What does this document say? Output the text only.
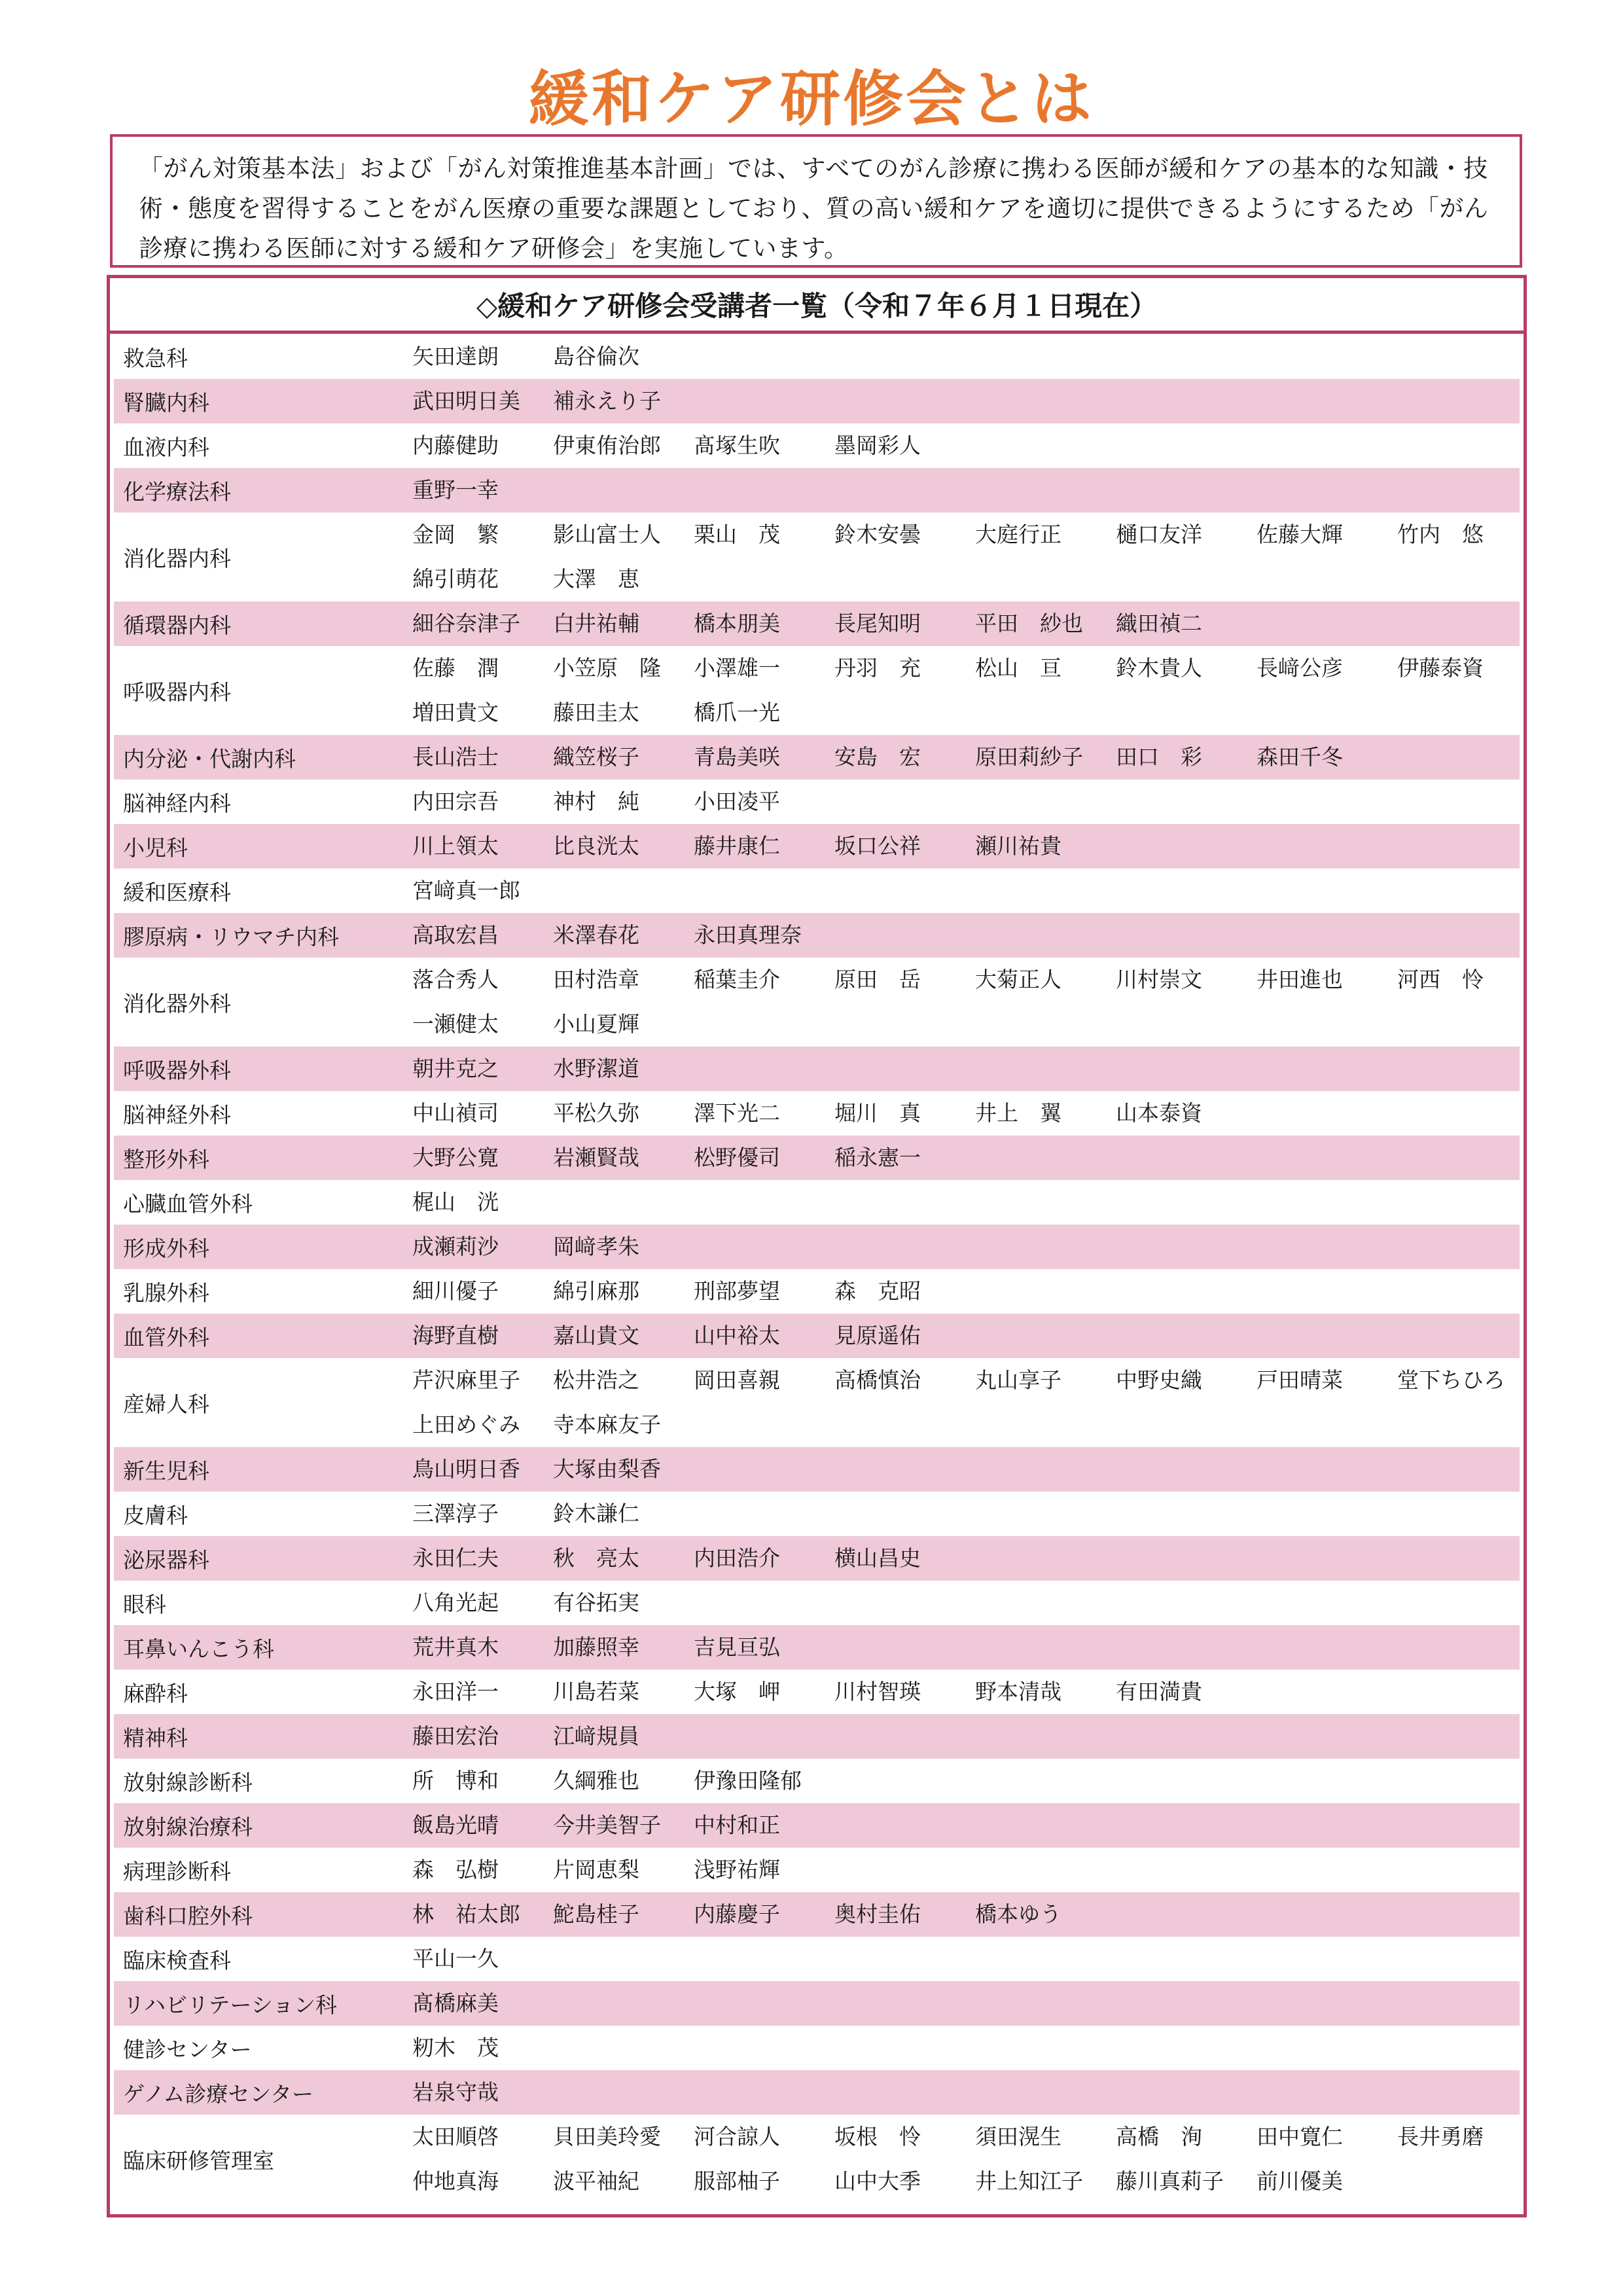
緩和ケア研修会とは
「がん対策基本法」および「がん対策推進基本計画」では、すべてのがん診療に携わる医師が緩和ケアの基本的な知識・技術・態度を習得することをがん医療の重要な課題としており、質の高い緩和ケアを適切に提供できるようにするため「がん診療に携わる医師に対する緩和ケア研修会」を実施しています。
◇緩和ケア研修会受講者一覧（令和７年６月１日現在）
救急科	矢田達朗	島谷倫次
腎臓内科	武田明日美	補永えり子
血液内科	内藤健助	伊東侑治郎	髙塚生吹	墨岡彩人
化学療法科	重野一幸
消化器内科
金岡　繁	影山富士人	栗山　茂	鈴木安曇	大庭行正	樋口友洋	佐藤大輝	竹内　悠
綿引萌花	大澤　恵
循環器内科	細谷奈津子	白井祐輔	橋本朋美	長尾知明	平田　紗也	織田禎二
呼吸器内科
佐藤　潤	小笠原　隆	小澤雄一	丹羽　充	松山　亘	鈴木貴人	長﨑公彦	伊藤泰資
増田貴文	藤田圭太	橋爪一光
内分泌・代謝内科	長山浩士	織笠桜子	青島美咲	安島　宏	原田莉紗子	田口　彩	森田千冬
脳神経内科	内田宗吾	神村　純	小田凌平
小児科	川上領太	比良洸太	藤井康仁	坂口公祥	瀬川祐貴
緩和医療科	宮﨑真一郎
膠原病・リウマチ内科	高取宏昌	米澤春花	永田真理奈
消化器外科
落合秀人	田村浩章	稲葉圭介	原田　岳	大菊正人	川村崇文	井田進也	河西　怜
一瀬健太	小山夏輝
呼吸器外科	朝井克之	水野潔道
脳神経外科	中山禎司	平松久弥	澤下光二	堀川　真	井上　翼	山本泰資
整形外科	大野公寛	岩瀬賢哉	松野優司	稲永憲一
心臓血管外科	梶山　洸
形成外科	成瀬莉沙	岡﨑孝朱
乳腺外科	細川優子	綿引麻那	刑部夢望	森　克昭
血管外科	海野直樹	嘉山貴文	山中裕太	見原遥佑
産婦人科
芹沢麻里子	松井浩之	岡田喜親	高橋慎治	丸山享子	中野史織	戸田晴菜	堂下ちひろ
上田めぐみ	寺本麻友子
新生児科	鳥山明日香	大塚由梨香
皮膚科	三澤淳子	鈴木謙仁
泌尿器科	永田仁夫	秋　亮太	内田浩介	横山昌史
眼科	八角光起	有谷拓実
耳鼻いんこう科	荒井真木	加藤照幸	吉見亘弘
麻酔科	永田洋一	川島若菜	大塚　岬	川村智瑛	野本清哉	有田満貴
精神科	藤田宏治	江﨑規員
放射線診断科	所　博和	久綱雅也	伊豫田隆郁
放射線治療科	飯島光晴	今井美智子	中村和正
病理診断科	森　弘樹	片岡恵梨	浅野祐輝
歯科口腔外科	林　祐太郎	鮀島桂子	内藤慶子	奥村圭佑	橋本ゆう
臨床検査科	平山一久
リハビリテーション科	髙橋麻美
健診センター	籾木　茂
ゲノム診療センター	岩泉守哉
臨床研修管理室
太田順啓	貝田美玲愛	河合諒人	坂根　怜	須田滉生	高橋　洵	田中寛仁	長井勇磨
仲地真海	波平袖紀	服部柚子	山中大季	井上知江子	藤川真莉子	前川優美
